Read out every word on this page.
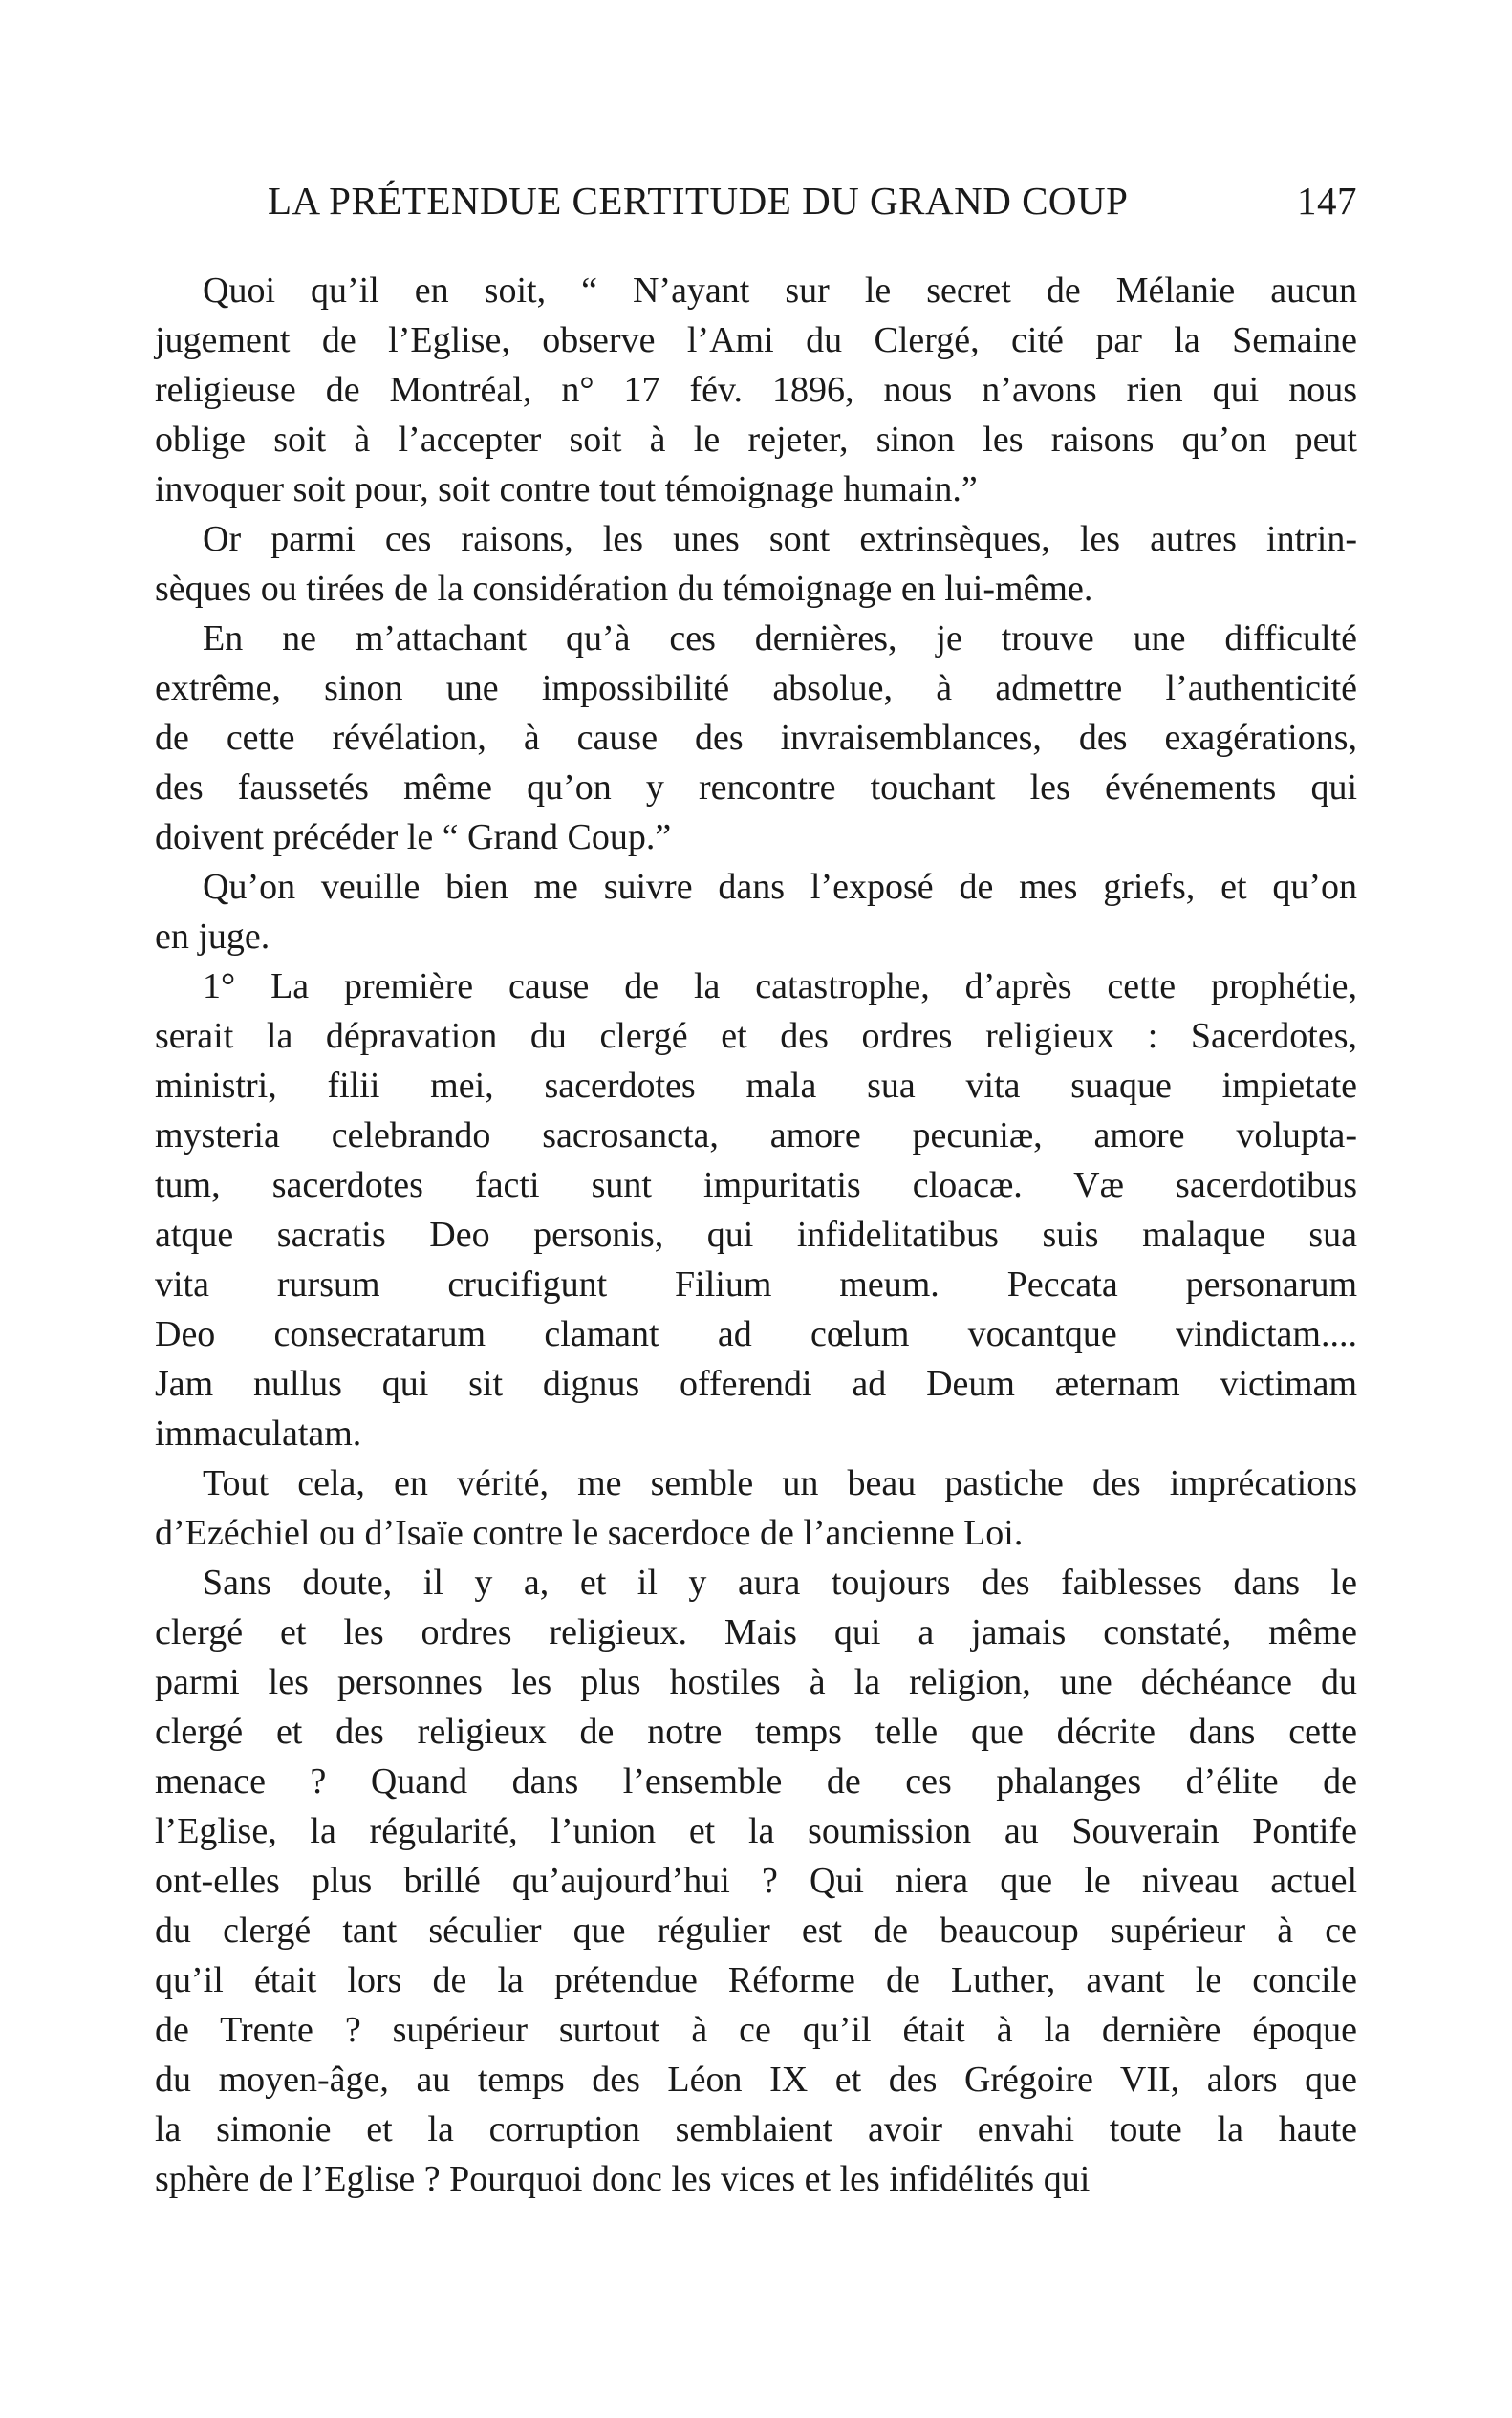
LA PRÉTENDUE CERTITUDE DU GRAND COUP	147
Quoi qu’il en soit, “ N’ayant sur le secret de Mélanie aucun
jugement de l’Eglise, observe l’Ami du Clergé, cité par la Semaine
religieuse de Montréal, n° 17 fév. 1896, nous n’avons rien qui nous
oblige soit à l’accepter soit à le rejeter, sinon les raisons qu’on peut
invoquer soit pour, soit contre tout témoignage humain.”
Or parmi ces raisons, les unes sont extrinsèques, les autres intrin-
sèques ou tirées de la considération du témoignage en lui-même.
En ne m’attachant qu’à ces dernières, je trouve une difficulté
extrême, sinon une impossibilité absolue, à admettre l’authenticité
de cette révélation, à cause des invraisemblances, des exagérations,
des faussetés même qu’on y rencontre touchant les événements qui
doivent précéder le “ Grand Coup.”
Qu’on veuille bien me suivre dans l’exposé de mes griefs, et qu’on
en juge.
1° La première cause de la catastrophe, d’après cette prophétie,
serait la dépravation du clergé et des ordres religieux : Sacerdotes,
ministri, filii mei, sacerdotes mala sua vita suaque impietate
mysteria celebrando sacrosancta, amore pecuniæ, amore volupta-
tum, sacerdotes facti sunt impuritatis cloacæ. Væ sacerdotibus
atque sacratis Deo personis, qui infidelitatibus suis malaque sua
vita rursum crucifigunt Filium meum. Peccata personarum
Deo consecratarum clamant ad cœlum vocantque vindictam....
Jam nullus qui sit dignus offerendi ad Deum æternam victimam
immaculatam.
Tout cela, en vérité, me semble un beau pastiche des imprécations
d’Ezéchiel ou d’Isaïe contre le sacerdoce de l’ancienne Loi.
Sans doute, il y a, et il y aura toujours des faiblesses dans le
clergé et les ordres religieux. Mais qui a jamais constaté, même
parmi les personnes les plus hostiles à la religion, une déchéance du
clergé et des religieux de notre temps telle que décrite dans cette
menace ? Quand dans l’ensemble de ces phalanges d’élite de
l’Eglise, la régularité, l’union et la soumission au Souverain Pontife
ont-elles plus brillé qu’aujourd’hui ? Qui niera que le niveau actuel
du clergé tant séculier que régulier est de beaucoup supérieur à ce
qu’il était lors de la prétendue Réforme de Luther, avant le concile
de Trente ? supérieur surtout à ce qu’il était à la dernière époque
du moyen-âge, au temps des Léon IX et des Grégoire VII, alors que
la simonie et la corruption semblaient avoir envahi toute la haute
sphère de l’Eglise ? Pourquoi donc les vices et les infidélités qui
